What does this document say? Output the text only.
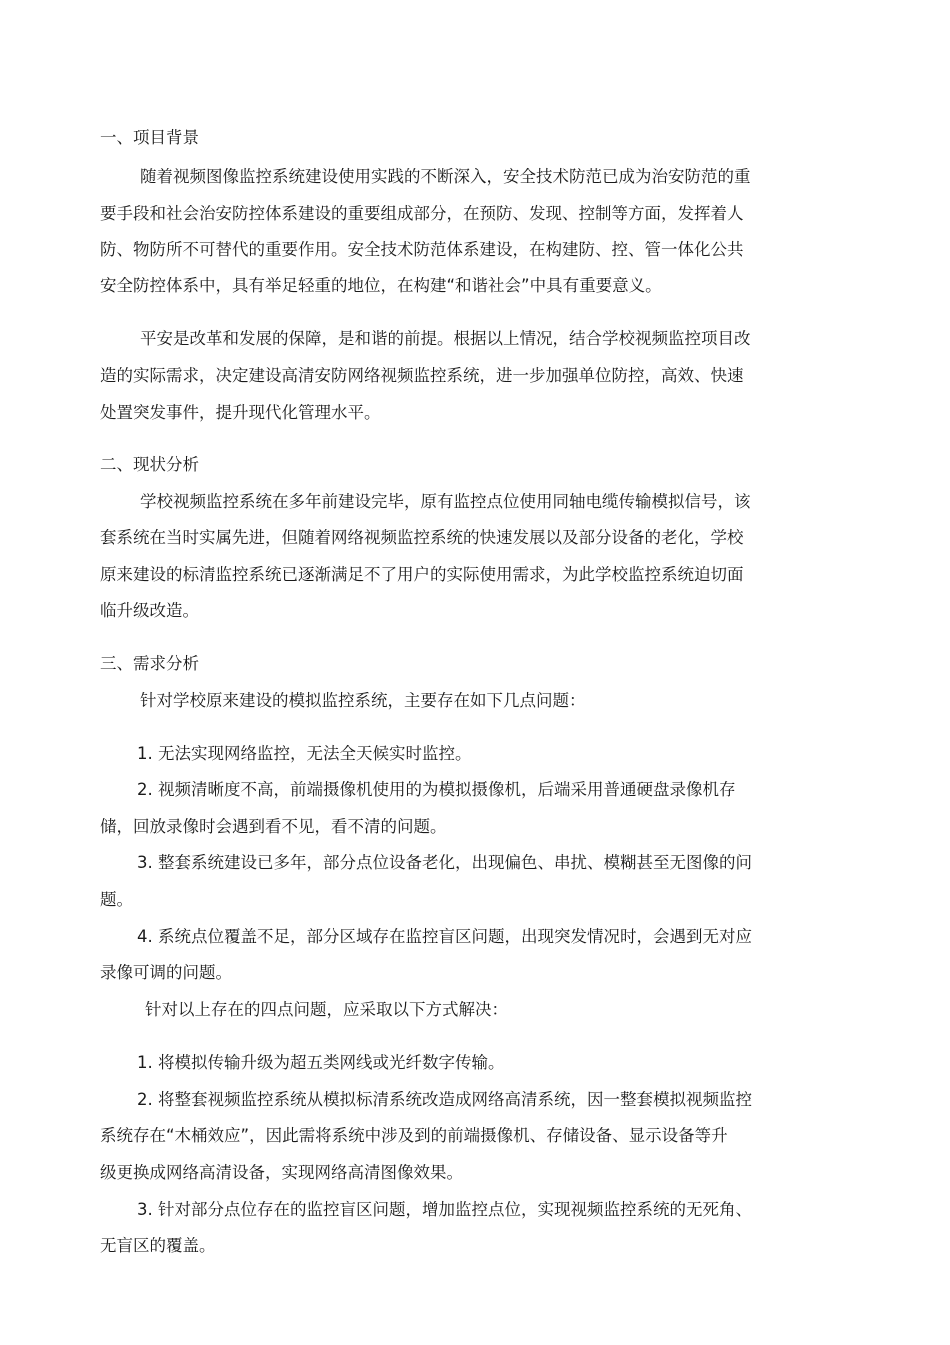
一、项目背景
随着视频图像监控系统建设使用实践的不断深入，安全技术防范已成为治安防范的重
要手段和社会治安防控体系建设的重要组成部分，在预防、发现、控制等方面，发挥着人
防、物防所不可替代的重要作用。安全技术防范体系建设，在构建防、控、管一体化公共
安全防控体系中，具有举足轻重的地位，在构建“和谐社会”中具有重要意义。
平安是改革和发展的保障，是和谐的前提。根据以上情况，结合学校视频监控项目改
造的实际需求，决定建设高清安防网络视频监控系统，进一步加强单位防控，高效、快速
处置突发事件，提升现代化管理水平。
二、现状分析
学校视频监控系统在多年前建设完毕，原有监控点位使用同轴电缆传输模拟信号，该
套系统在当时实属先进，但随着网络视频监控系统的快速发展以及部分设备的老化，学校
原来建设的标清监控系统已逐渐满足不了用户的实际使用需求，为此学校监控系统迫切面
临升级改造。
三、需求分析
针对学校原来建设的模拟监控系统，主要存在如下几点问题：
1. 无法实现网络监控，无法全天候实时监控。
2. 视频清晰度不高，前端摄像机使用的为模拟摄像机，后端采用普通硬盘录像机存
储，回放录像时会遇到看不见，看不清的问题。
3. 整套系统建设已多年，部分点位设备老化，出现偏色、串扰、模糊甚至无图像的问
题。
4. 系统点位覆盖不足，部分区域存在监控盲区问题，出现突发情况时，会遇到无对应
录像可调的问题。
针对以上存在的四点问题，应采取以下方式解决：
1. 将模拟传输升级为超五类网线或光纤数字传输。
2. 将整套视频监控系统从模拟标清系统改造成网络高清系统，因一整套模拟视频监控
系统存在“木桶效应”，因此需将系统中涉及到的前端摄像机、存储设备、显示设备等升
级更换成网络高清设备，实现网络高清图像效果。
3. 针对部分点位存在的监控盲区问题，增加监控点位，实现视频监控系统的无死角、
无盲区的覆盖。
